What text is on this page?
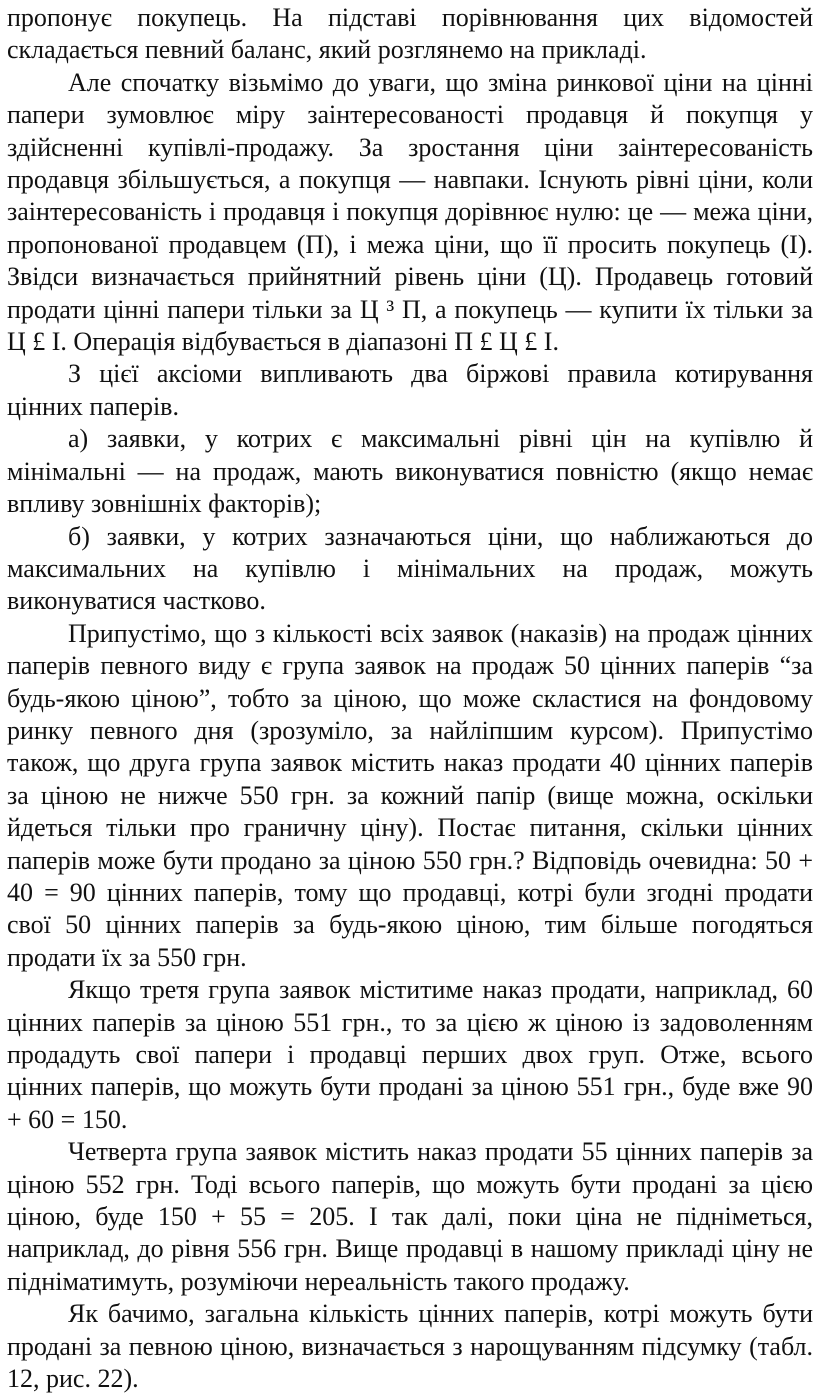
пропонує покупець. На підставі порівнювання цих відомостей складається певний баланс, який розглянемо на прикладі.

Але спочатку візьмімо до уваги, що зміна ринкової ціни на цінні папери зумовлює міру заінтересованості продавця й покупця у здійсненні купівлі-продажу. За зростання ціни заінтересованість продавця збільшується, а покупця — навпаки. Існують рівні ціни, коли заінтересованість і продавця і покупця дорівнює нулю: це — межа ціни, пропонованої продавцем (П), і межа ціни, що її просить покупець (І). Звідси визначається прийнятний рівень ціни (Ц). Продавець готовий продати цінні папери тільки за Ц ³ П, а покупець — купити їх тільки за Ц £ І. Операція відбувається в діапазоні П £ Ц £ І.

З цієї аксіоми випливають два біржові правила котирування цінних паперів.

а) заявки, у котрих є максимальні рівні цін на купівлю й мінімальні — на продаж, мають виконуватися повністю (якщо немає впливу зовнішніх факторів);

б) заявки, у котрих зазначаються ціни, що наближаються до максимальних на купівлю і мінімальних на продаж, можуть виконуватися частково.

Припустімо, що з кількості всіх заявок (наказів) на продаж цінних паперів певного виду є група заявок на продаж 50 цінних паперів “за будь-якою ціною”, тобто за ціною, що може скластися на фондовому ринку певного дня (зрозуміло, за найліпшим курсом). Припустімо також, що друга група заявок містить наказ продати 40 цінних паперів за ціною не нижче 550 грн. за кожний папір (вище можна, оскільки йдеться тільки про граничну ціну). Постає питання, скільки цінних паперів може бути продано за ціною 550 грн.? Відповідь очевидна: 50 + 40 = 90 цінних паперів, тому що продавці, котрі були згодні продати свої 50 цінних паперів за будь-якою ціною, тим більше погодяться продати їх за 550 грн.

Якщо третя група заявок міститиме наказ продати, наприклад, 60 цінних паперів за ціною 551 грн., то за цією ж ціною із задоволенням продадуть свої папери і продавці перших двох груп. Отже, всього цінних паперів, що можуть бути продані за ціною 551 грн., буде вже 90 + 60 = 150.

Четверта група заявок містить наказ продати 55 цінних паперів за ціною 552 грн. Тоді всього паперів, що можуть бути продані за цією ціною, буде 150 + 55 = 205. І так далі, поки ціна не підніметься, наприклад, до рівня 556 грн. Вище продавці в нашому прикладі ціну не підніматимуть, розуміючи нереальність такого продажу.

Як бачимо, загальна кількість цінних паперів, котрі можуть бути продані за певною ціною, визначається з нарощуванням підсумку (табл. 12, рис. 22).
